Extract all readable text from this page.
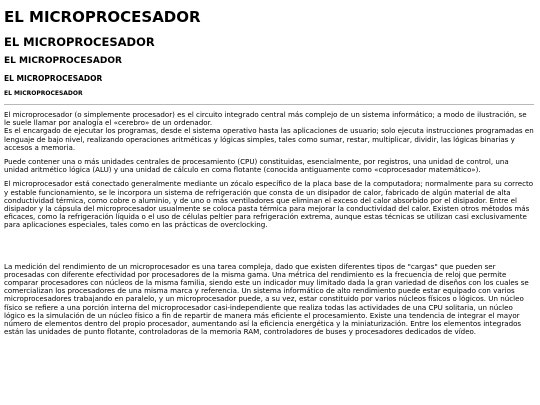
EL MICROPROCESADOR
EL MICROPROCESADOR
EL MICROPROCESADOR
EL MICROPROCESADOR
EL MICROPROCESADOR

El microprocesador (o simplemente procesador) es el circuito integrado central más complejo de un sistema informático; a modo de ilustración, se le suele llamar por analogía el «cerebro» de un ordenador.

Es el encargado de ejecutar los programas, desde el sistema operativo hasta las aplicaciones de usuario; solo ejecuta instrucciones programadas en lenguaje de bajo nivel, realizando operaciones aritméticas y lógicas simples, tales como sumar, restar, multiplicar, dividir, las lógicas binarias y accesos a memoria.

Puede contener una o más unidades centrales de procesamiento (CPU) constituidas, esencialmente, por registros, una unidad de control, una unidad aritmético lógica (ALU) y una unidad de cálculo en coma flotante (conocida antiguamente como «coprocesador matemático»).

El microprocesador está conectado generalmente mediante un zócalo específico de la placa base de la computadora; normalmente para su correcto y estable funcionamiento, se le incorpora un sistema de refrigeración que consta de un disipador de calor, fabricado de algún material de alta conductividad térmica, como cobre o aluminio, y de uno o más ventiladores que eliminan el exceso del calor absorbido por el disipador. Entre el disipador y la cápsula del microprocesador usualmente se coloca pasta térmica para mejorar la conductividad del calor. Existen otros métodos más eficaces, como la refrigeración líquida o el uso de células peltier para refrigeración extrema, aunque estas técnicas se utilizan casi exclusivamente para aplicaciones especiales, tales como en las prácticas de overclocking.

La medición del rendimiento de un microprocesador es una tarea compleja, dado que existen diferentes tipos de "cargas" que pueden ser procesadas con diferente efectividad por procesadores de la misma gama. Una métrica del rendimiento es la frecuencia de reloj que permite comparar procesadores con núcleos de la misma familia, siendo este un indicador muy limitado dada la gran variedad de diseños con los cuales se comercializan los procesadores de una misma marca y referencia. Un sistema informático de alto rendimiento puede estar equipado con varios microprocesadores trabajando en paralelo, y un microprocesador puede, a su vez, estar constituido por varios núcleos físicos o lógicos. Un núcleo físico se refiere a una porción interna del microprocesador casi-independiente que realiza todas las actividades de una CPU solitaria, un núcleo lógico es la simulación de un núcleo físico a fin de repartir de manera más eficiente el procesamiento. Existe una tendencia de integrar el mayor número de elementos dentro del propio procesador, aumentando así la eficiencia energética y la miniaturización. Entre los elementos integrados están las unidades de punto flotante, controladoras de la memoria RAM, controladores de buses y procesadores dedicados de vídeo.
